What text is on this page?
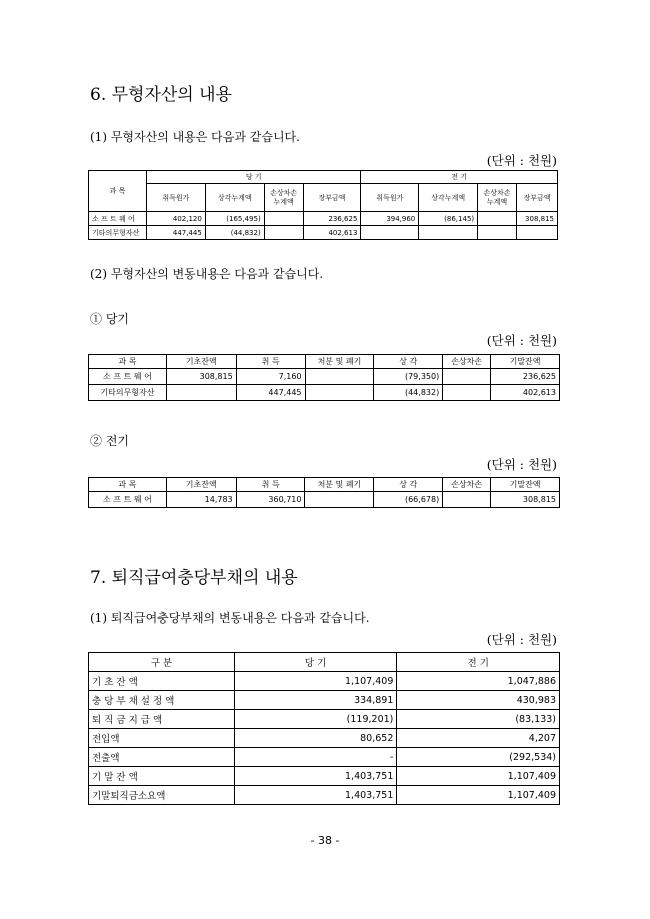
6. 무형자산의 내용
(1) 무형자산의 내용은 다음과 같습니다.
(단위 : 천원)
과 목	당 기				전 기			
	취득원가	상각누계액	손상차손누계액	장부금액	취득원가	상각누계액	손상차손누계액	장부금액
소 프 트 웨 어	402,120	(165,495)		236,625	394,960	(86,145)		308,815
기타의무형자산	447,445	(44,832)		402,613				
(2) 무형자산의 변동내용은 다음과 같습니다.
① 당기
(단위 : 천원)
과 목	기초잔액	취 득	처분 및 폐기	상 각	손상차손	기말잔액
소 프 트 웨 어	308,815	7,160		(79,350)		236,625
기타의무형자산		447,445		(44,832)		402,613
② 전기
(단위 : 천원)
과 목	기초잔액	취 득	처분 및 폐기	상 각	손상차손	기말잔액
소 프 트 웨 어	14,783	360,710		(66,678)		308,815
7. 퇴직급여충당부채의 내용
(1) 퇴직급여충당부채의 변동내용은 다음과 같습니다.
(단위 : 천원)
구 분	당 기	전 기
기 초 잔 액	1,107,409	1,047,886
충 당 부 채 설 정 액	334,891	430,983
퇴 직 금 지 급 액	(119,201)	(83,133)
전입액	80,652	4,207
전출액	-	(292,534)
기 말 잔 액	1,403,751	1,107,409
기말퇴직금소요액	1,403,751	1,107,409
- 38 -
